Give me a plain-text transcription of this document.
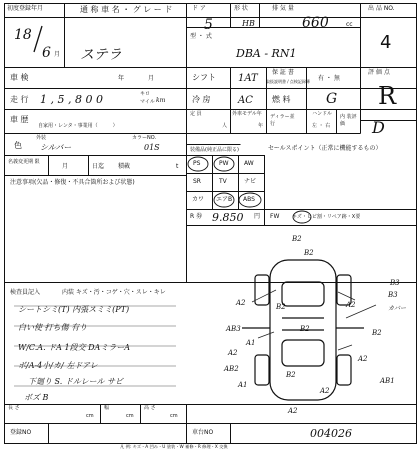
初度登録年月	通 称 車 名 ・ グ レ ー ド	ド ア	形 状	排 気 量	出 品 NO.
18
6 月 ステラ
5	HB	660	cc
型 ・ 式
DBA - RN1
4
車 検	年	月
走 行 1 , 5 , 8 0 0	キロ
マイル km
車 歴
自家用・レンタ・事業用（　　　）
色
外装
シルバー
カラーNO.
01S
名義変更期 限
月	日迄 積載	t
注意事項(欠品・修復・不具合箇所および状態)
シフト 1AT
保 証 書
取扱説明書 / 点検記録簿
有 ・ 無
評 価 点
R
冷 房	AC 燃 料	G
定 員
人
外車モデル年
年
ディラー並 行
ハンドル
左 ・ 右
内 装評 価	D
装備品(純正品に限る)
PS	PW	AW
SR	TV	ナビ
カワ エアB ABS
セールスポイント（正常に機能するもの）
R 券 9.850 円 FW	キズ・ヒビ割・リペア跡・X要
検査員記入	内装 キズ・汚・コゲ・穴・スレ・キレ
シートシミ(T) 内張スミミ(PT)
白い使 打ち傷 有り
W/C.A. ドA 1段交 DAミラーA
ボ/A-4小/カ/ 左ドアレ
下廻り S. ドルレール サビ
ボズ B
B2
B2
A2	B2
AB3
A1
B3
B2
A2
B2
AB2
A1
A2
A2
A2
B2
A2
AB1
B3
カバー
長 さ
cm
幅
cm
高 さ
cm
登録NO	車台NO	004026
凡 例: キズ・A 凹み・U 塗装・W 補修・R 修理・X 交換
